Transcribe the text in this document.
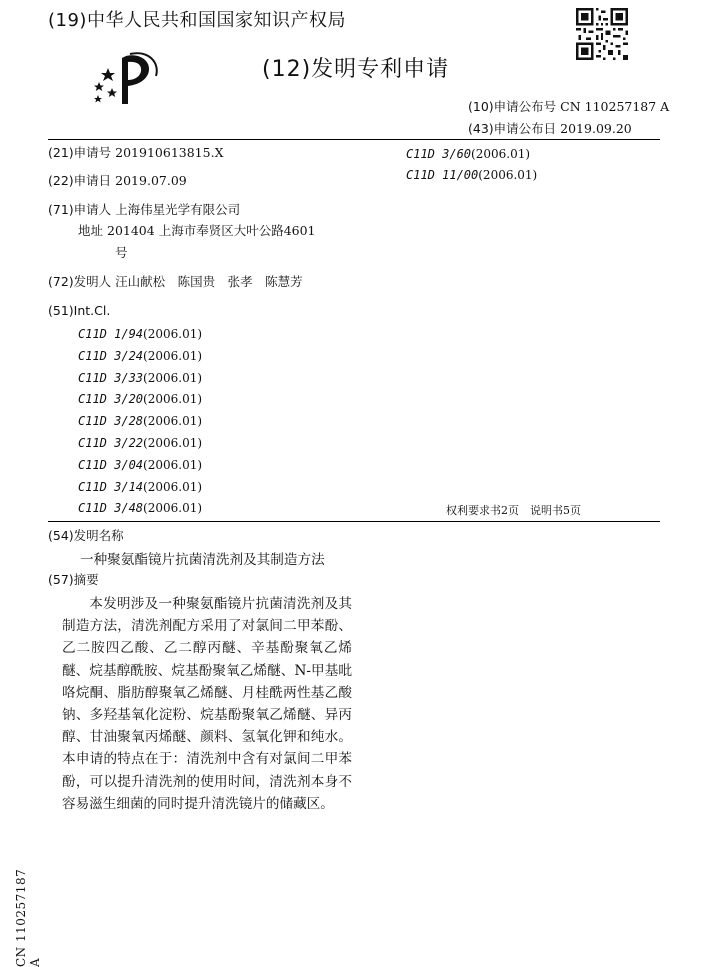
(19)中华人民共和国国家知识产权局
(12)发明专利申请
(10)申请公布号 CN 110257187 A
(43)申请公布日 2019.09.20
(21)申请号 201910613815.X
(22)申请日 2019.07.09
(71)申请人 上海伟星光学有限公司
地址 201404 上海市奉贤区大叶公路4601
号
(72)发明人 汪山献松　陈国贵　张孝　陈慧芳
(51)Int.Cl.
C11D 1/94(2006.01)
C11D 3/24(2006.01)
C11D 3/33(2006.01)
C11D 3/20(2006.01)
C11D 3/28(2006.01)
C11D 3/22(2006.01)
C11D 3/04(2006.01)
C11D 3/14(2006.01)
C11D 3/48(2006.01)
C11D 3/60(2006.01)
C11D 11/00(2006.01)
权利要求书2页　说明书5页
(54)发明名称
一种聚氨酯镜片抗菌清洗剂及其制造方法
(57)摘要
本发明涉及一种聚氨酯镜片抗菌清洗剂及其制造方法，清洗剂配方采用了对氯间二甲苯酚、乙二胺四乙酸、乙二醇丙醚、辛基酚聚氧乙烯醚、烷基醇酰胺、烷基酚聚氧乙烯醚、N-甲基吡咯烷酮、脂肪醇聚氧乙烯醚、月桂酰两性基乙酸钠、多羟基氧化淀粉、烷基酚聚氧乙烯醚、异丙醇、甘油聚氧丙烯醚、颜料、氢氧化钾和纯水。本申请的特点在于：清洗剂中含有对氯间二甲苯酚，可以提升清洗剂的使用时间，清洗剂本身不容易滋生细菌的同时提升清洗镜片的储藏区。
CN 110257187 A
